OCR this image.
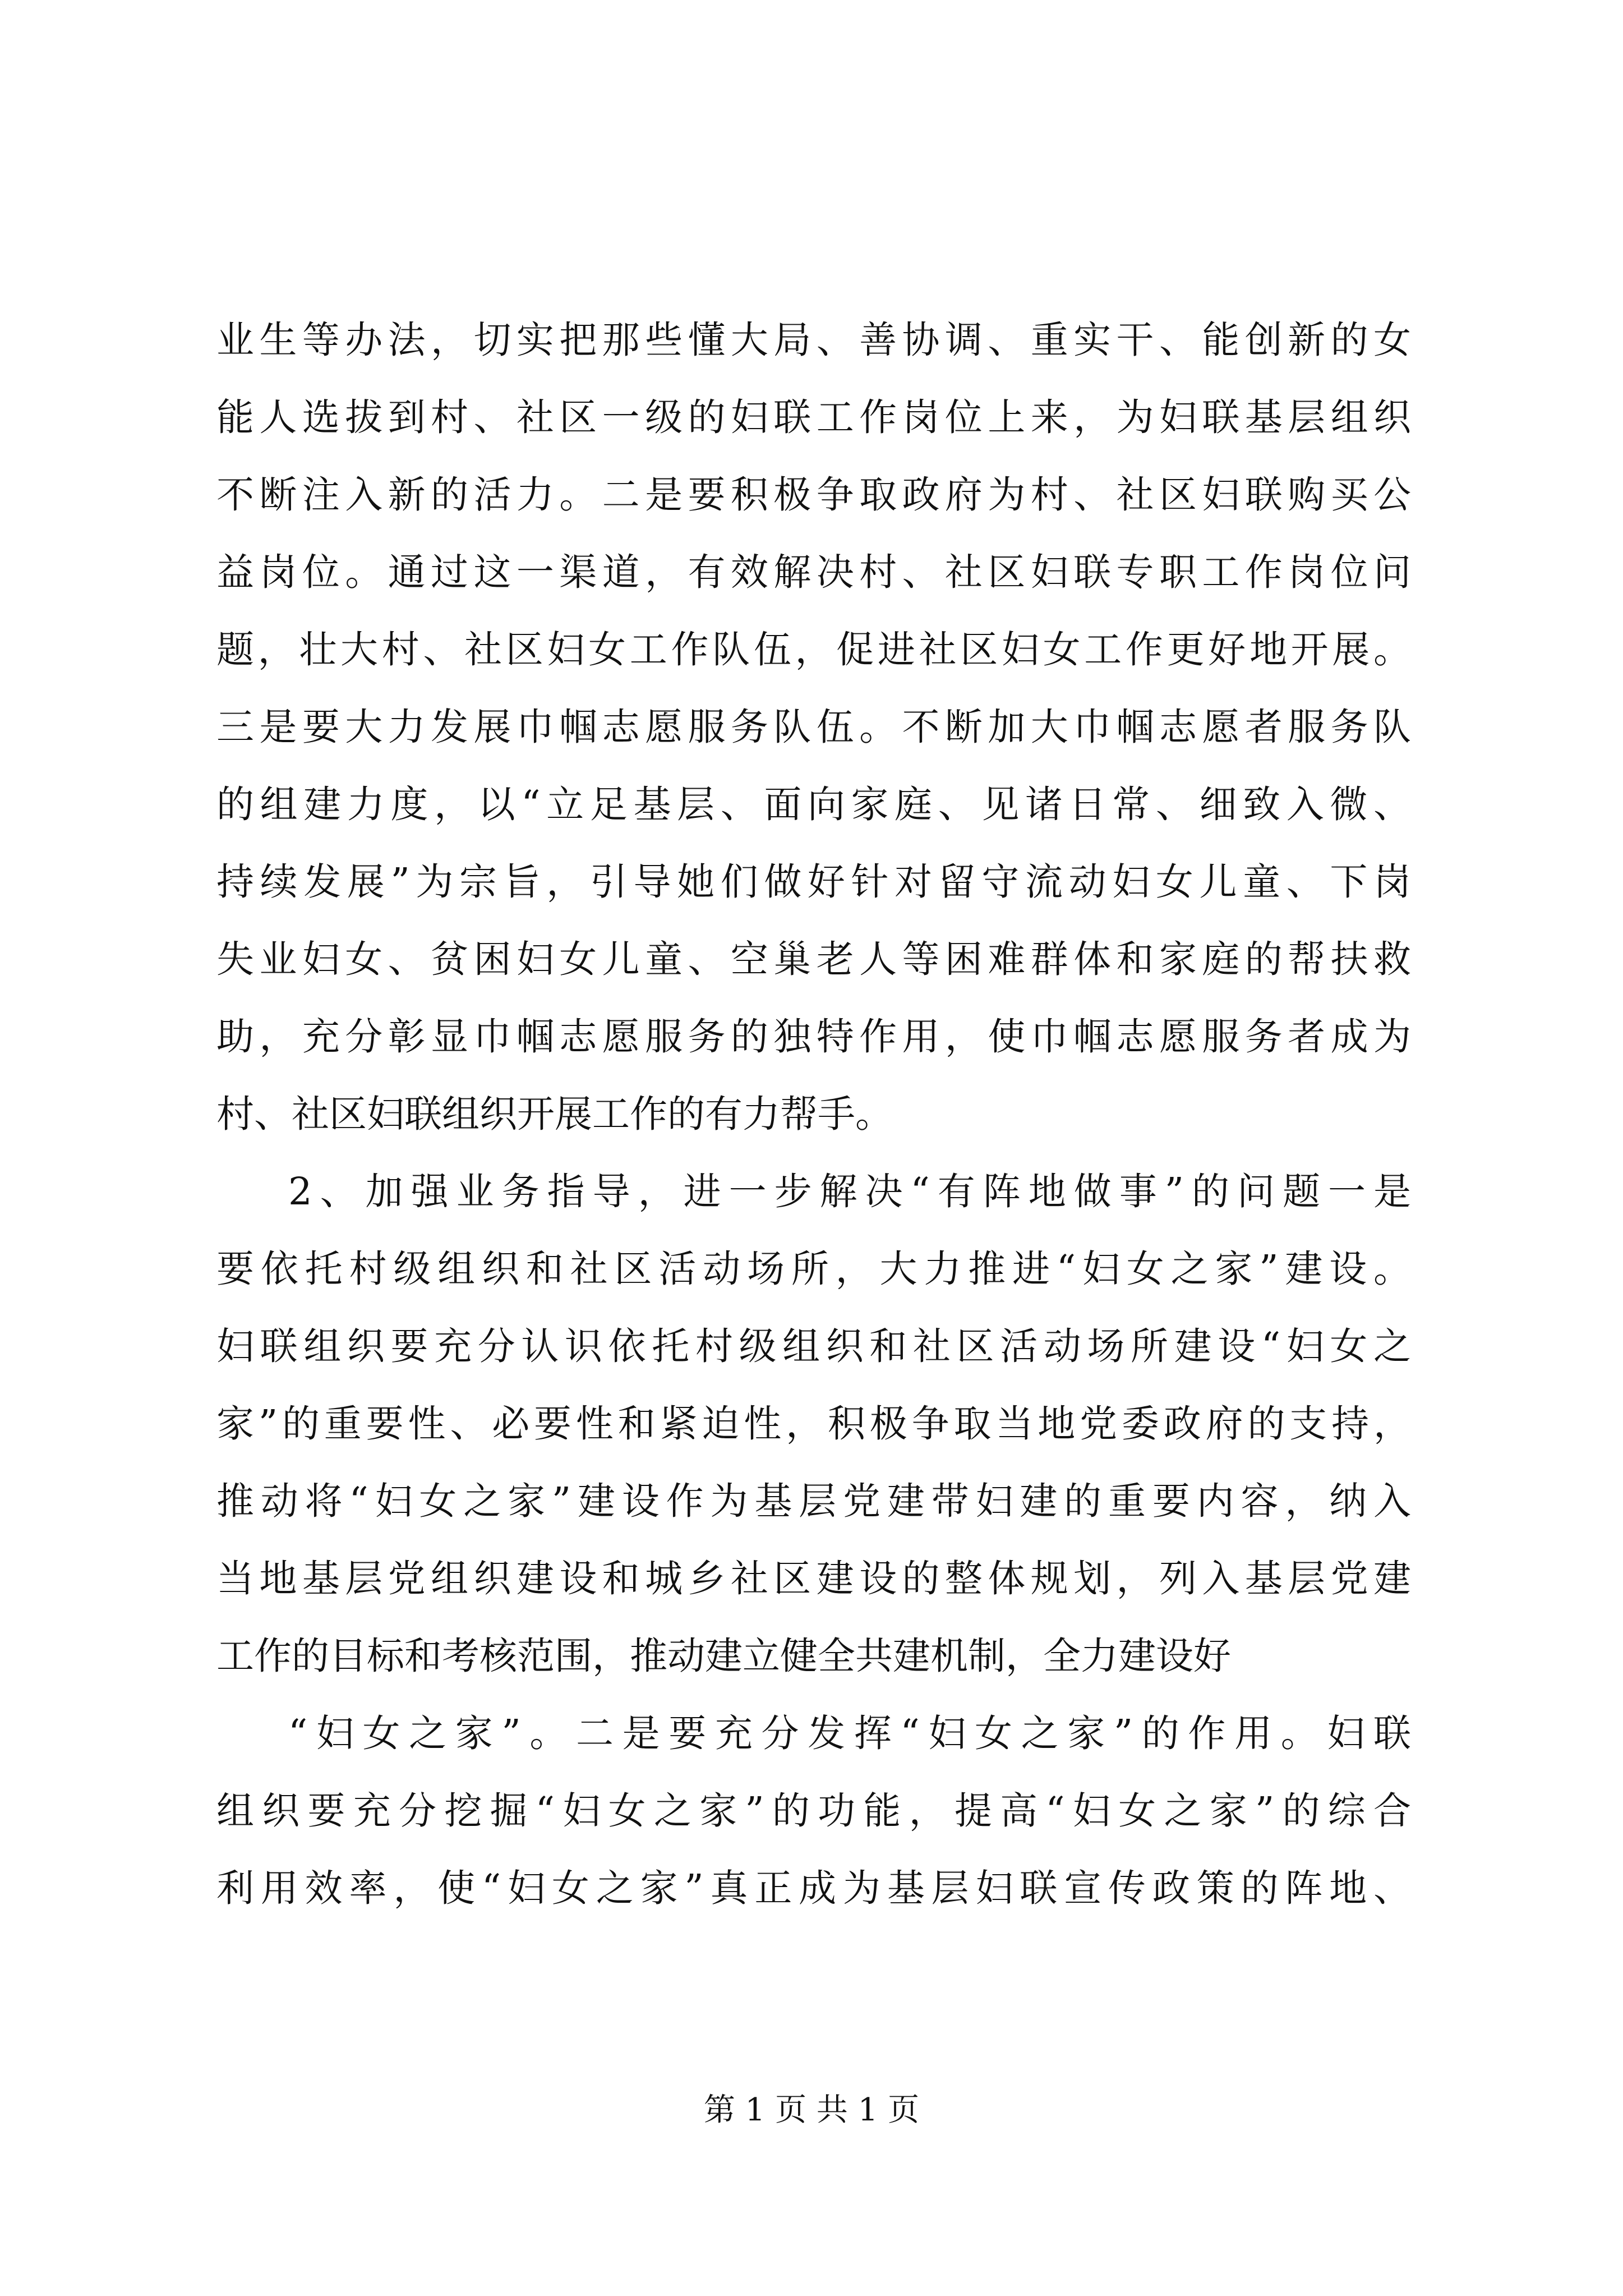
业生等办法，切实把那些懂大局、善协调、重实干、能创新的女
能人选拔到村、社区一级的妇联工作岗位上来，为妇联基层组织
不断注入新的活力。二是要积极争取政府为村、社区妇联购买公
益岗位。通过这一渠道，有效解决村、社区妇联专职工作岗位问
题，壮大村、社区妇女工作队伍，促进社区妇女工作更好地开展。
三是要大力发展巾帼志愿服务队伍。不断加大巾帼志愿者服务队
的组建力度，以“立足基层、面向家庭、见诸日常、细致入微、
持续发展”为宗旨，引导她们做好针对留守流动妇女儿童、下岗
失业妇女、贫困妇女儿童、空巢老人等困难群体和家庭的帮扶救
助，充分彰显巾帼志愿服务的独特作用，使巾帼志愿服务者成为
村、社区妇联组织开展工作的有力帮手。
2、加强业务指导，进一步解决“有阵地做事”的问题一是
要依托村级组织和社区活动场所，大力推进“妇女之家”建设。
妇联组织要充分认识依托村级组织和社区活动场所建设“妇女之
家”的重要性、必要性和紧迫性，积极争取当地党委政府的支持，
推动将“妇女之家”建设作为基层党建带妇建的重要内容，纳入
当地基层党组织建设和城乡社区建设的整体规划，列入基层党建
工作的目标和考核范围，推动建立健全共建机制，全力建设好
“妇女之家”。二是要充分发挥“妇女之家”的作用。妇联
组织要充分挖掘“妇女之家”的功能，提高“妇女之家”的综合
利用效率，使“妇女之家”真正成为基层妇联宣传政策的阵地、
第 1 页 共 1 页
